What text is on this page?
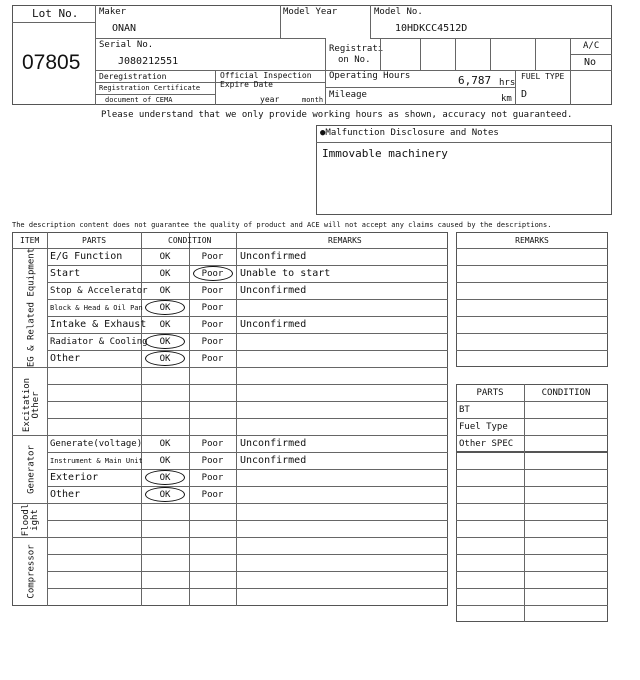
Lot No.
07805
Maker
ONAN
Model Year	Model No.
10HDKCC4512D
Serial No.
J080212551
Registrati
on No.
A/C
No
Deregistration
Registration Certificate
document of CEMA
Official Inspection
Expire Date
year	month
Operating Hours	6,787 hrs
Mileage	km
FUEL TYPE
D
Please understand that we only provide working hours as shown, accuracy not guaranteed.
●Malfunction Disclosure and Notes
Immovable machinery
The description content does not guarantee the quality of product and ACE will not accept any claims caused by the descriptions.
ITEM	PARTS	CONDITION	REMARKS
EG & Related Equipment
Excitation Other
Generator
Floodl ight
Compressor
E/G Function	OK	Poor	Unconfirmed
Start	OK	Poor	Unable to start
Stop & Accelerator	OK	Poor	Unconfirmed
Block & Head & Oil Pan	OK	Poor
Intake & Exhaust	OK	Poor	Unconfirmed
Radiator & Cooling	OK	Poor
Other	OK	Poor
Generate(voltage)	OK	Poor	Unconfirmed
Instrument & Main Unit	OK	Poor	Unconfirmed
Exterior	OK	Poor
Other	OK	Poor
REMARKS
PARTS	CONDITION
BT
Fuel Type
Other SPEC
